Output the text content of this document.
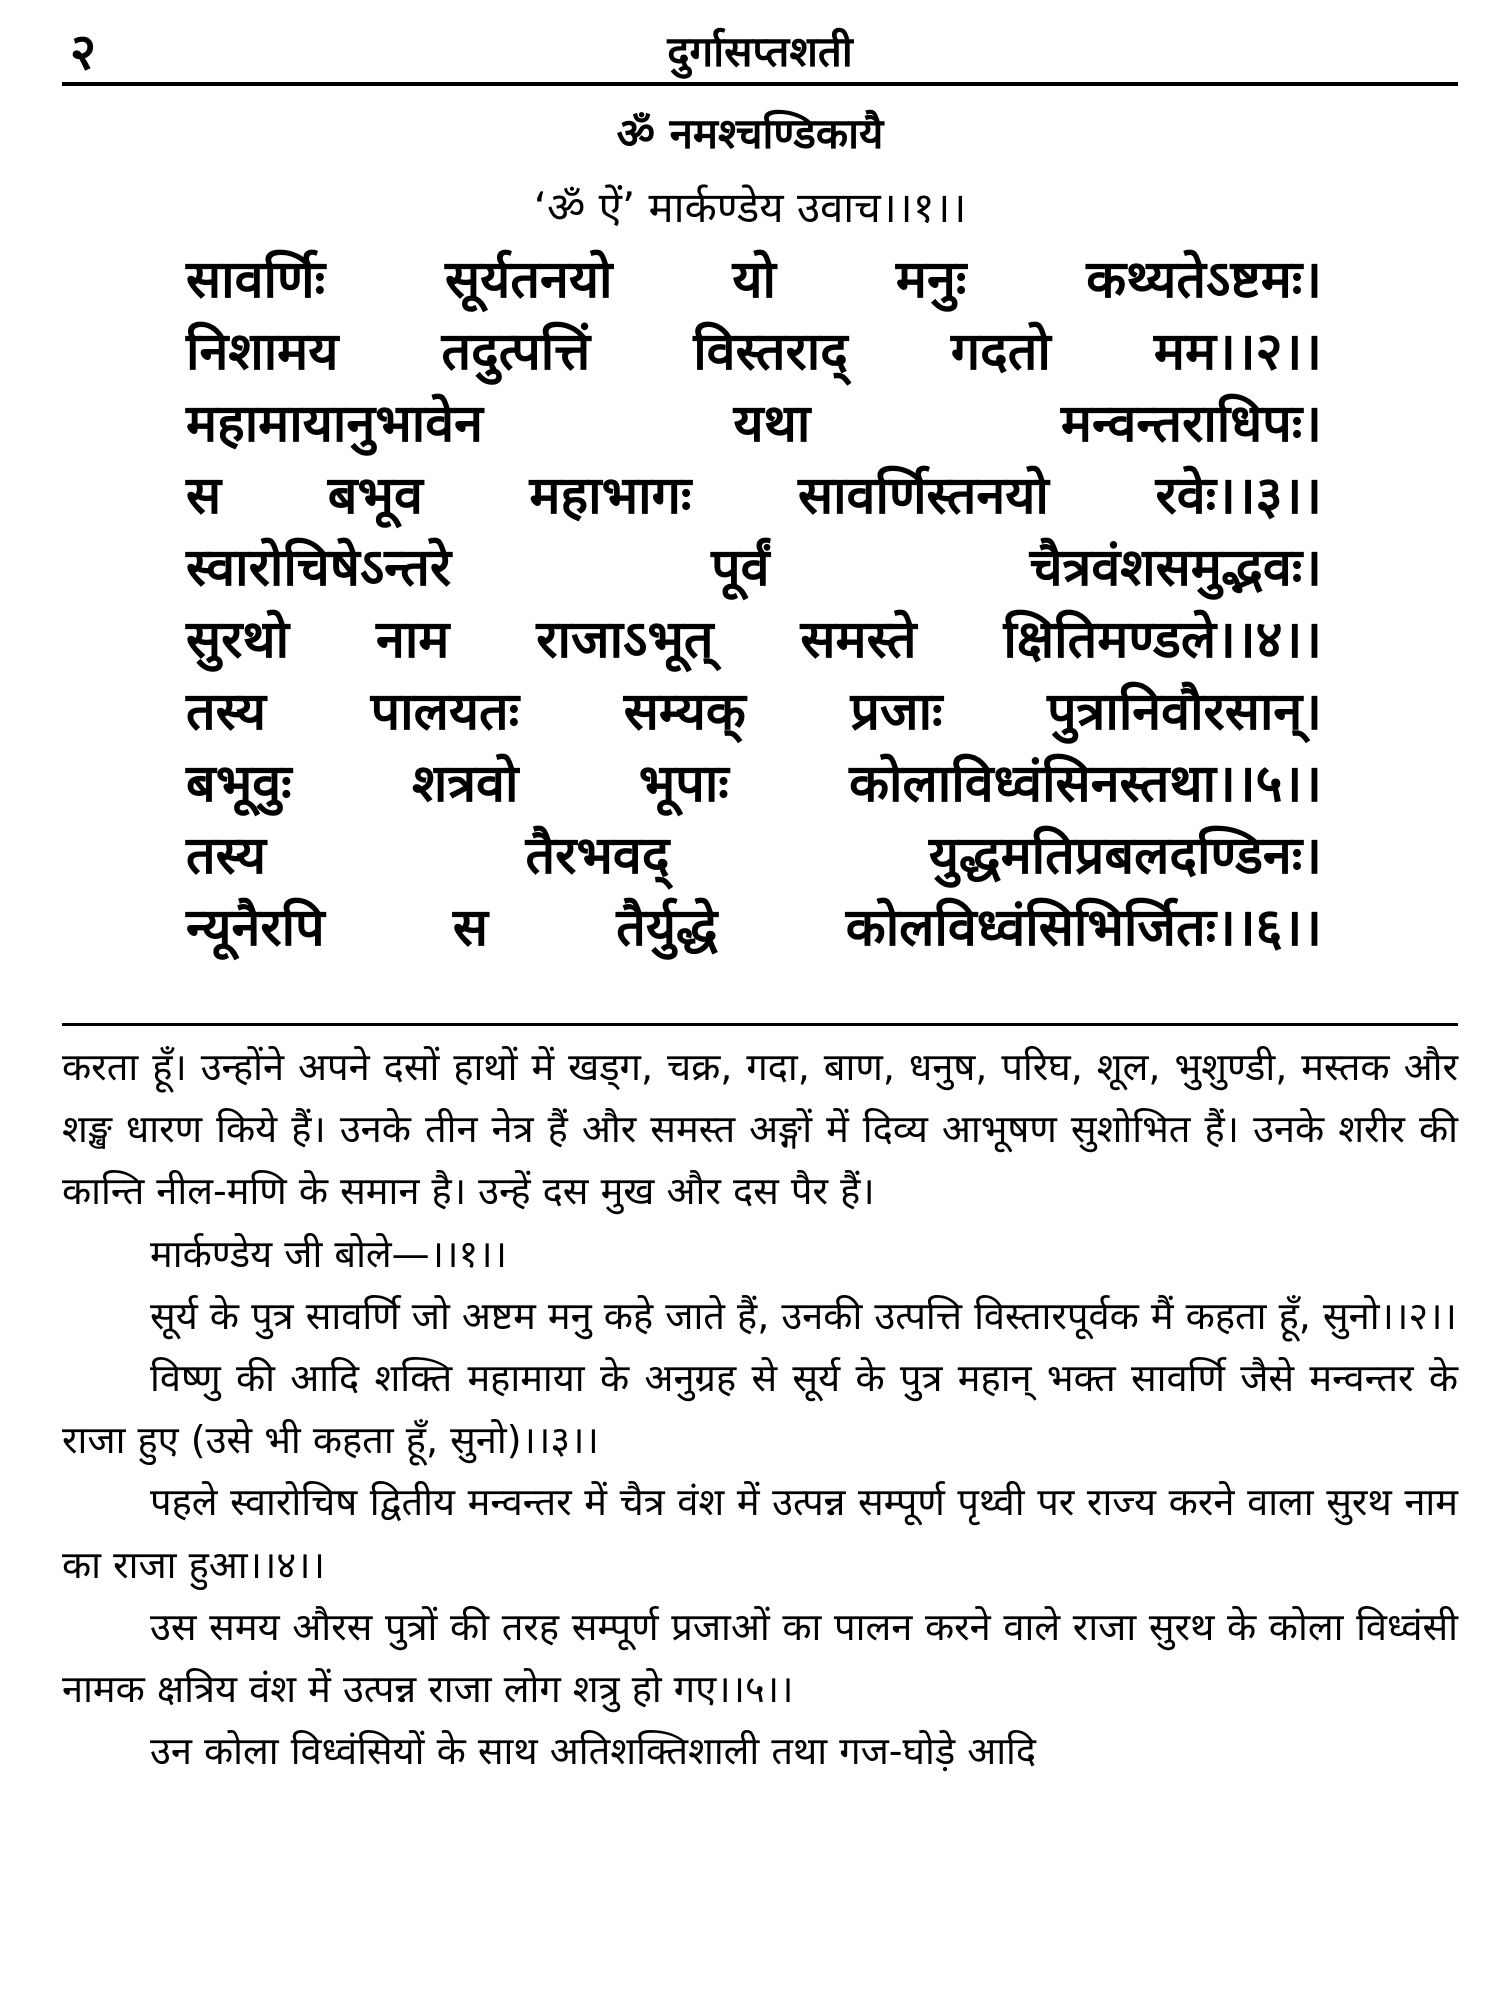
२	दुर्गासप्तशती
ॐ नमश्चण्डिकायै
‘ॐ ऐं’ मार्कण्डेय उवाच।।१।।
सावर्णिः सूर्यतनयो यो मनुः कथ्यतेऽष्टमः।
निशामय तदुत्पत्तिं विस्तराद् गदतो मम।।२।।
महामायानुभावेन यथा मन्वन्तराधिपः।
स बभूव महाभागः सावर्णिस्तनयो रवेः।।३।।
स्वारोचिषेऽन्तरे पूर्वं चैत्रवंशसमुद्भवः।
सुरथो नाम राजाऽभूत् समस्ते क्षितिमण्डले।।४।।
तस्य पालयतः सम्यक् प्रजाः पुत्रानिवौरसान्।
बभूवुः शत्रवो भूपाः कोलाविध्वंसिनस्तथा।।५।।
तस्य तैरभवद् युद्धमतिप्रबलदण्डिनः।
न्यूनैरपि स तैर्युद्धे कोलविध्वंसिभिर्जितः।।६।।

करता हूँ। उन्होंने अपने दसों हाथों में खड्ग, चक्र, गदा, बाण, धनुष, परिघ, शूल, भुशुण्डी, मस्तक और शङ्ख धारण किये हैं। उनके तीन नेत्र हैं और समस्त अङ्गों में दिव्य आभूषण सुशोभित हैं। उनके शरीर की कान्ति नील-मणि के समान है। उन्हें दस मुख और दस पैर हैं।

मार्कण्डेय जी बोले—।।१।।

सूर्य के पुत्र सावर्णि जो अष्टम मनु कहे जाते हैं, उनकी उत्पत्ति विस्तारपूर्वक मैं कहता हूँ, सुनो।।२।।

विष्णु की आदि शक्ति महामाया के अनुग्रह से सूर्य के पुत्र महान् भक्त सावर्णि जैसे मन्वन्तर के राजा हुए (उसे भी कहता हूँ, सुनो)।।३।।

पहले स्वारोचिष द्वितीय मन्वन्तर में चैत्र वंश में उत्पन्न सम्पूर्ण पृथ्वी पर राज्य करने वाला सुरथ नाम का राजा हुआ।।४।।

उस समय औरस पुत्रों की तरह सम्पूर्ण प्रजाओं का पालन करने वाले राजा सुरथ के कोला विध्वंसी नामक क्षत्रिय वंश में उत्पन्न राजा लोग शत्रु हो गए।।५।।

उन कोला विध्वंसियों के साथ अतिशक्तिशाली तथा गज-घोड़े आदि
